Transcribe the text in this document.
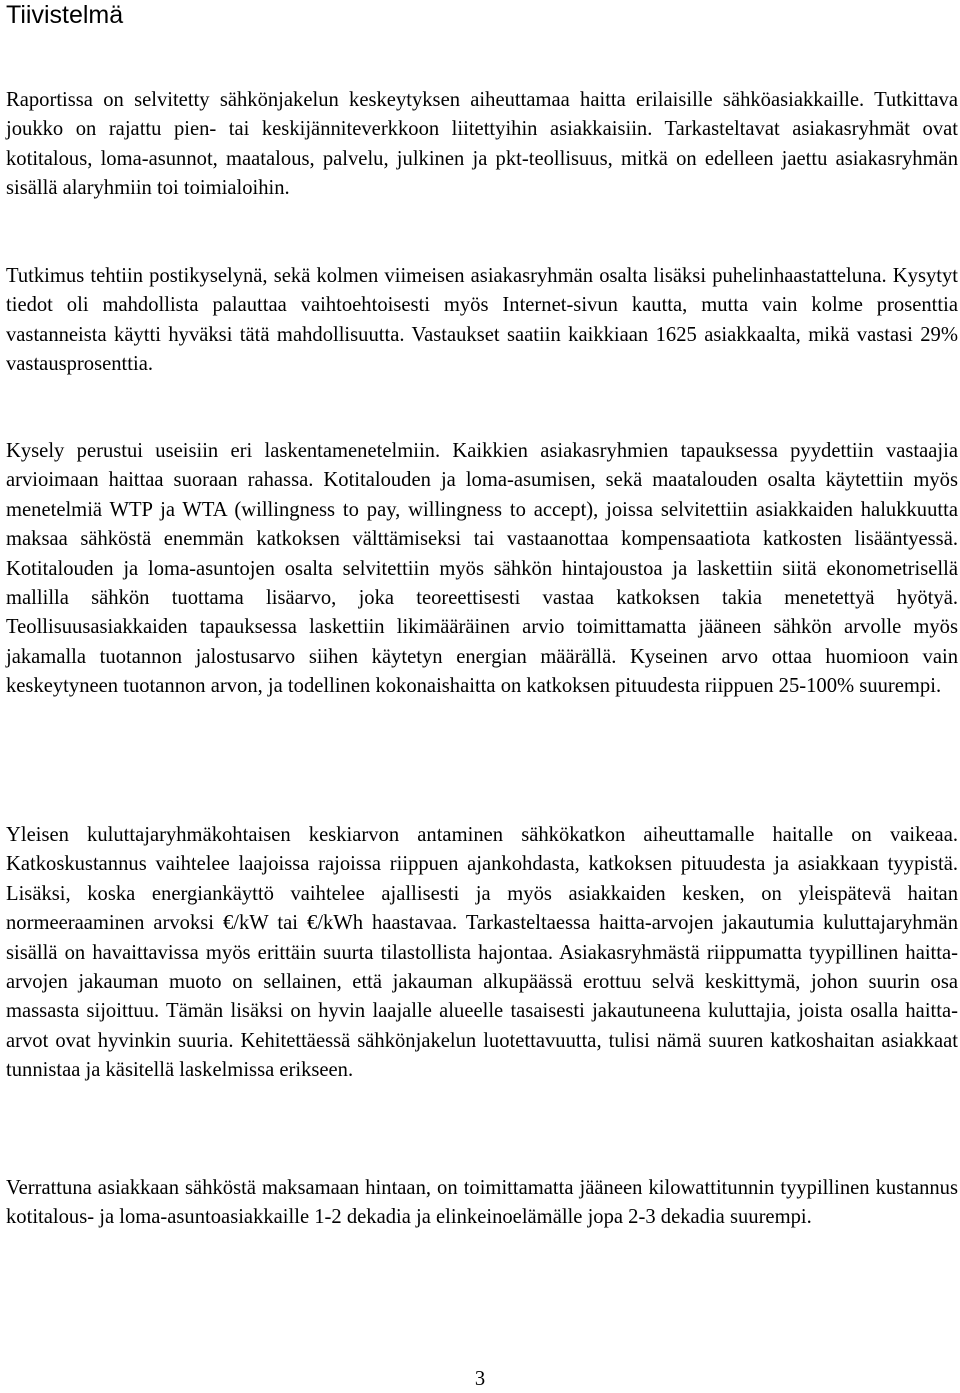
Tiivistelmä

Raportissa on selvitetty sähkönjakelun keskeytyksen aiheuttamaa haitta erilaisille sähköasiakkaille. Tutkittava joukko on rajattu pien- tai keskijänniteverkkoon liitettyihin asiakkaisiin. Tarkasteltavat asiakasryhmät ovat kotitalous, loma-asunnot, maatalous, palvelu, julkinen ja pkt-teollisuus, mitkä on edelleen jaettu asiakasryhmän sisällä alaryhmiin toi toimialoihin.

Tutkimus tehtiin postikyselynä, sekä kolmen viimeisen asiakasryhmän osalta lisäksi puhelinhaastatteluna. Kysytyt tiedot oli mahdollista palauttaa vaihtoehtoisesti myös Internet-sivun kautta, mutta vain kolme prosenttia vastanneista käytti hyväksi tätä mahdollisuutta. Vastaukset saatiin kaikkiaan 1625 asiakkaalta, mikä vastasi 29% vastausprosenttia.

Kysely perustui useisiin eri laskentamenetelmiin. Kaikkien asiakasryhmien tapauksessa pyydettiin vastaajia arvioimaan haittaa suoraan rahassa. Kotitalouden ja loma-asumisen, sekä maatalouden osalta käytettiin myös menetelmiä WTP ja WTA (willingness to pay, willingness to accept), joissa selvitettiin asiakkaiden halukkuutta maksaa sähköstä enemmän katkoksen välttämiseksi tai vastaanottaa kompensaatiota katkosten lisääntyessä. Kotitalouden ja loma-asuntojen osalta selvitettiin myös sähkön hintajoustoa ja laskettiin siitä ekonometrisellä mallilla sähkön tuottama lisäarvo, joka teoreettisesti vastaa katkoksen takia menetettyä hyötyä. Teollisuusasiakkaiden tapauksessa laskettiin likimääräinen arvio toimittamatta jääneen sähkön arvolle myös jakamalla tuotannon jalostusarvo siihen käytetyn energian määrällä. Kyseinen arvo ottaa huomioon vain keskeytyneen tuotannon arvon, ja todellinen kokonaishaitta on katkoksen pituudesta riippuen 25-100% suurempi.

Yleisen kuluttajaryhmäkohtaisen keskiarvon antaminen sähkökatkon aiheuttamalle haitalle on vaikeaa. Katkoskustannus vaihtelee laajoissa rajoissa riippuen ajankohdasta, katkoksen pituudesta ja asiakkaan tyypistä. Lisäksi, koska energiankäyttö vaihtelee ajallisesti ja myös asiakkaiden kesken, on yleispätevä haitan normeeraaminen arvoksi €/kW tai €/kWh haastavaa. Tarkasteltaessa haitta-arvojen jakautumia kuluttajaryhmän sisällä on havaittavissa myös erittäin suurta tilastollista hajontaa. Asiakasryhmästä riippumatta tyypillinen haitta-arvojen jakauman muoto on sellainen, että jakauman alkupäässä erottuu selvä keskittymä, johon suurin osa massasta sijoittuu. Tämän lisäksi on hyvin laajalle alueelle tasaisesti jakautuneena kuluttajia, joista osalla haitta-arvot ovat hyvinkin suuria. Kehitettäessä sähkönjakelun luotettavuutta, tulisi nämä suuren katkoshaitan asiakkaat tunnistaa ja käsitellä laskelmissa erikseen.

Verrattuna asiakkaan sähköstä maksamaan hintaan, on toimittamatta jääneen kilowattitunnin tyypillinen kustannus kotitalous- ja loma-asuntoasiakkaille 1-2 dekadia ja elinkeinoelämälle jopa 2-3 dekadia suurempi.

3
